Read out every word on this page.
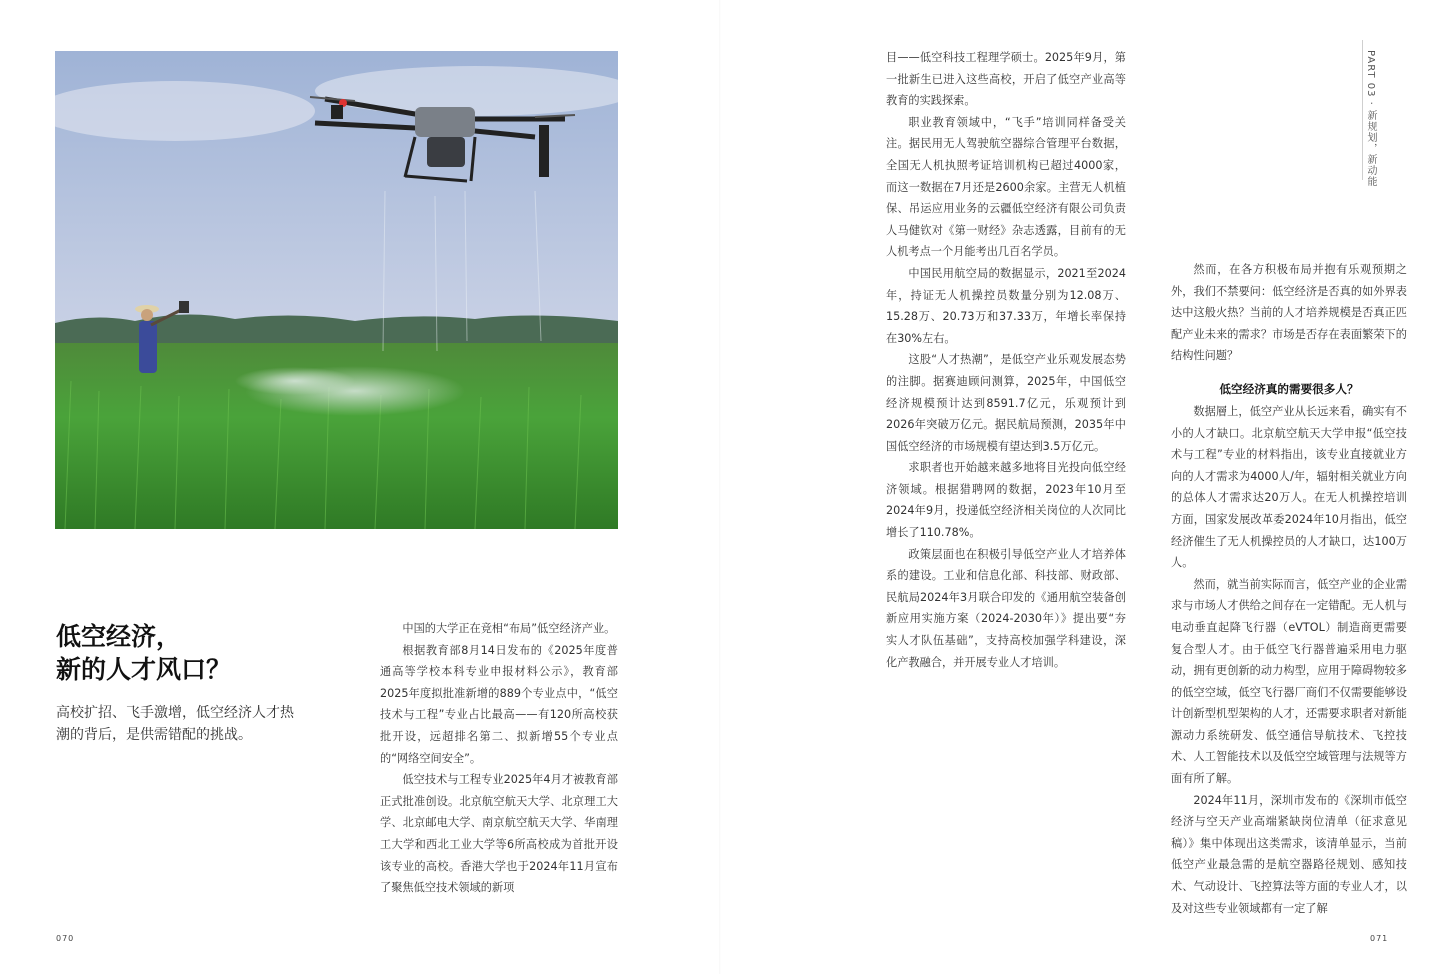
低空经济，
新的人才风口？
高校扩招、飞手激增，低空经济人才热潮的背后，是供需错配的挑战。

中国的大学正在竞相“布局”低空经济产业。

根据教育部8月14日发布的《2025年度普通高等学校本科专业申报材料公示》，教育部2025年度拟批准新增的889个专业点中，“低空技术与工程”专业占比最高——有120所高校获批开设，远超排名第二、拟新增55个专业点的“网络空间安全”。

低空技术与工程专业2025年4月才被教育部正式批准创设。北京航空航天大学、北京理工大学、北京邮电大学、南京航空航天大学、华南理工大学和西北工业大学等6所高校成为首批开设该专业的高校。香港大学也于2024年11月宣布了聚焦低空技术领域的新项

070

目——低空科技工程理学硕士。2025年9月，第一批新生已进入这些高校，开启了低空产业高等教育的实践探索。

职业教育领域中，“飞手”培训同样备受关注。据民用无人驾驶航空器综合管理平台数据，全国无人机执照考证培训机构已超过4000家，而这一数据在7月还是2600余家。主营无人机植保、吊运应用业务的云疆低空经济有限公司负责人马健钦对《第一财经》杂志透露，目前有的无人机考点一个月能考出几百名学员。

中国民用航空局的数据显示，2021至2024年，持证无人机操控员数量分别为12.08万、15.28万、20.73万和37.33万，年增长率保持在30%左右。

这股“人才热潮”，是低空产业乐观发展态势的注脚。据赛迪顾问测算，2025年，中国低空经济规模预计达到8591.7亿元，乐观预计到2026年突破万亿元。据民航局预测，2035年中国低空经济的市场规模有望达到3.5万亿元。

求职者也开始越来越多地将目光投向低空经济领域。根据猎聘网的数据，2023年10月至2024年9月，投递低空经济相关岗位的人次同比增长了110.78%。

政策层面也在积极引导低空产业人才培养体系的建设。工业和信息化部、科技部、财政部、民航局2024年3月联合印发的《通用航空装备创新应用实施方案（2024-2030年）》提出要“夯实人才队伍基础”，支持高校加强学科建设，深化产教融合，并开展专业人才培训。

然而，在各方积极布局并抱有乐观预期之外，我们不禁要问：低空经济是否真的如外界表达中这般火热？当前的人才培养规模是否真正匹配产业未来的需求？市场是否存在表面繁荣下的结构性问题？

低空经济真的需要很多人？

数据層上，低空产业从长远来看，确实有不小的人才缺口。北京航空航天大学申报“低空技术与工程”专业的材料指出，该专业直接就业方向的人才需求为4000人/年，辐射相关就业方向的总体人才需求达20万人。在无人机操控培训方面，国家发展改革委2024年10月指出，低空经济催生了无人机操控员的人才缺口，达100万人。

然而，就当前实际而言，低空产业的企业需求与市场人才供给之间存在一定错配。无人机与电动垂直起降飞行器（eVTOL）制造商更需要复合型人才。由于低空飞行器普遍采用电力驱动，拥有更创新的动力构型，应用于障碍物较多的低空空域，低空飞行器厂商们不仅需要能够设计创新型机型架构的人才，还需要求职者对新能源动力系统研发、低空通信导航技术、飞控技术、人工智能技术以及低空空域管理与法规等方面有所了解。

2024年11月，深圳市发布的《深圳市低空经济与空天产业高端紧缺岗位清单（征求意见稿）》集中体现出这类需求，该清单显示，当前低空产业最急需的是航空器路径规划、感知技术、气动设计、飞控算法等方面的专业人才，以及对这些专业领域都有一定了解

PART 03 · 新规划，新动能
071
